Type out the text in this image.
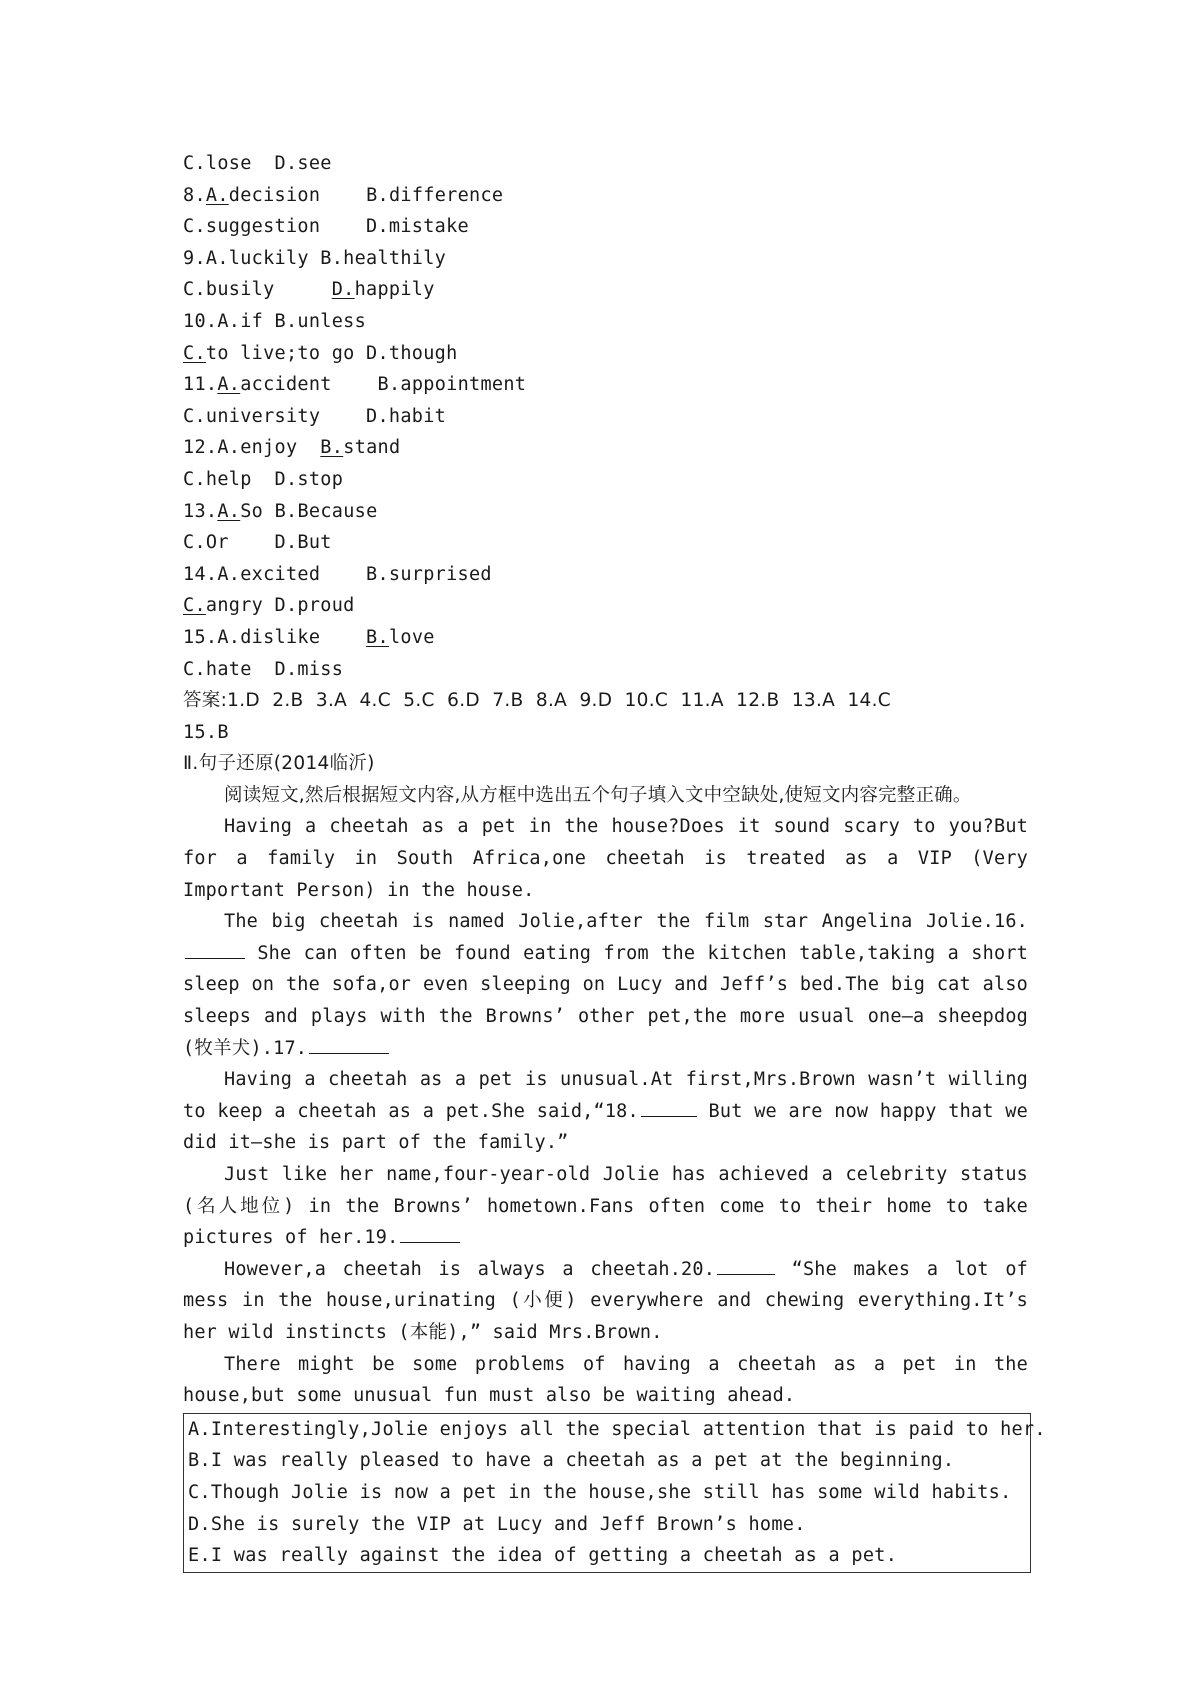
C.lose D.see
8.A.decision B.difference
C.suggestion D.mistake
9.A.luckily B.healthily
C.busily	D.happily
10.A.if B.unless
C.to live;to go D.though
11.A.accident B.appointment
C.university D.habit
12.A.enjoy B.stand
C.help D.stop
13.A.So B.Because
C.Or D.But
14.A.excited B.surprised
C.angry D.proud
15.A.dislike B.love
C.hate D.miss
答案:1.D  2.B  3.A  4.C  5.C  6.D  7.B  8.A  9.D  10.C  11.A  12.B  13.A  14.C
15.B
Ⅱ.句子还原(2014临沂)
阅读短文,然后根据短文内容,从方框中选出五个句子填入文中空缺处,使短文内容完整正确。
Having a cheetah as a pet in the house?Does it sound scary to you?But for a family in South Africa,one cheetah is treated as a VIP (Very Important Person) in the house.
The big cheetah is named Jolie,after the film star Angelina Jolie.16. She can often be found eating from the kitchen table,taking a short sleep on the sofa,or even sleeping on Lucy and Jeff’s bed.The big cat also sleeps and plays with the Browns’ other pet,the more usual one—a sheepdog (牧羊犬).17.
Having a cheetah as a pet is unusual.At first,Mrs.Brown wasn’t willing to keep a cheetah as a pet.She said,“18.	But we are now happy that we did it—she is part of the family.”
Just like her name,four-year-old Jolie has achieved a celebrity status (名人地位) in the Browns’ hometown.Fans often come to their home to take pictures of her.19.
However,a cheetah is always a cheetah.20.	“She makes a lot of mess in the house,urinating (小便) everywhere and chewing everything.It’s her wild instincts (本能),” said Mrs.Brown.
There might be some problems of having a cheetah as a pet in the house,but some unusual fun must also be waiting ahead.
A.Interestingly,Jolie enjoys all the special attention that is paid to her.
B.I was really pleased to have a cheetah as a pet at the beginning.
C.Though Jolie is now a pet in the house,she still has some wild habits.
D.She is surely the VIP at Lucy and Jeff Brown’s home.
E.I was really against the idea of getting a cheetah as a pet.
